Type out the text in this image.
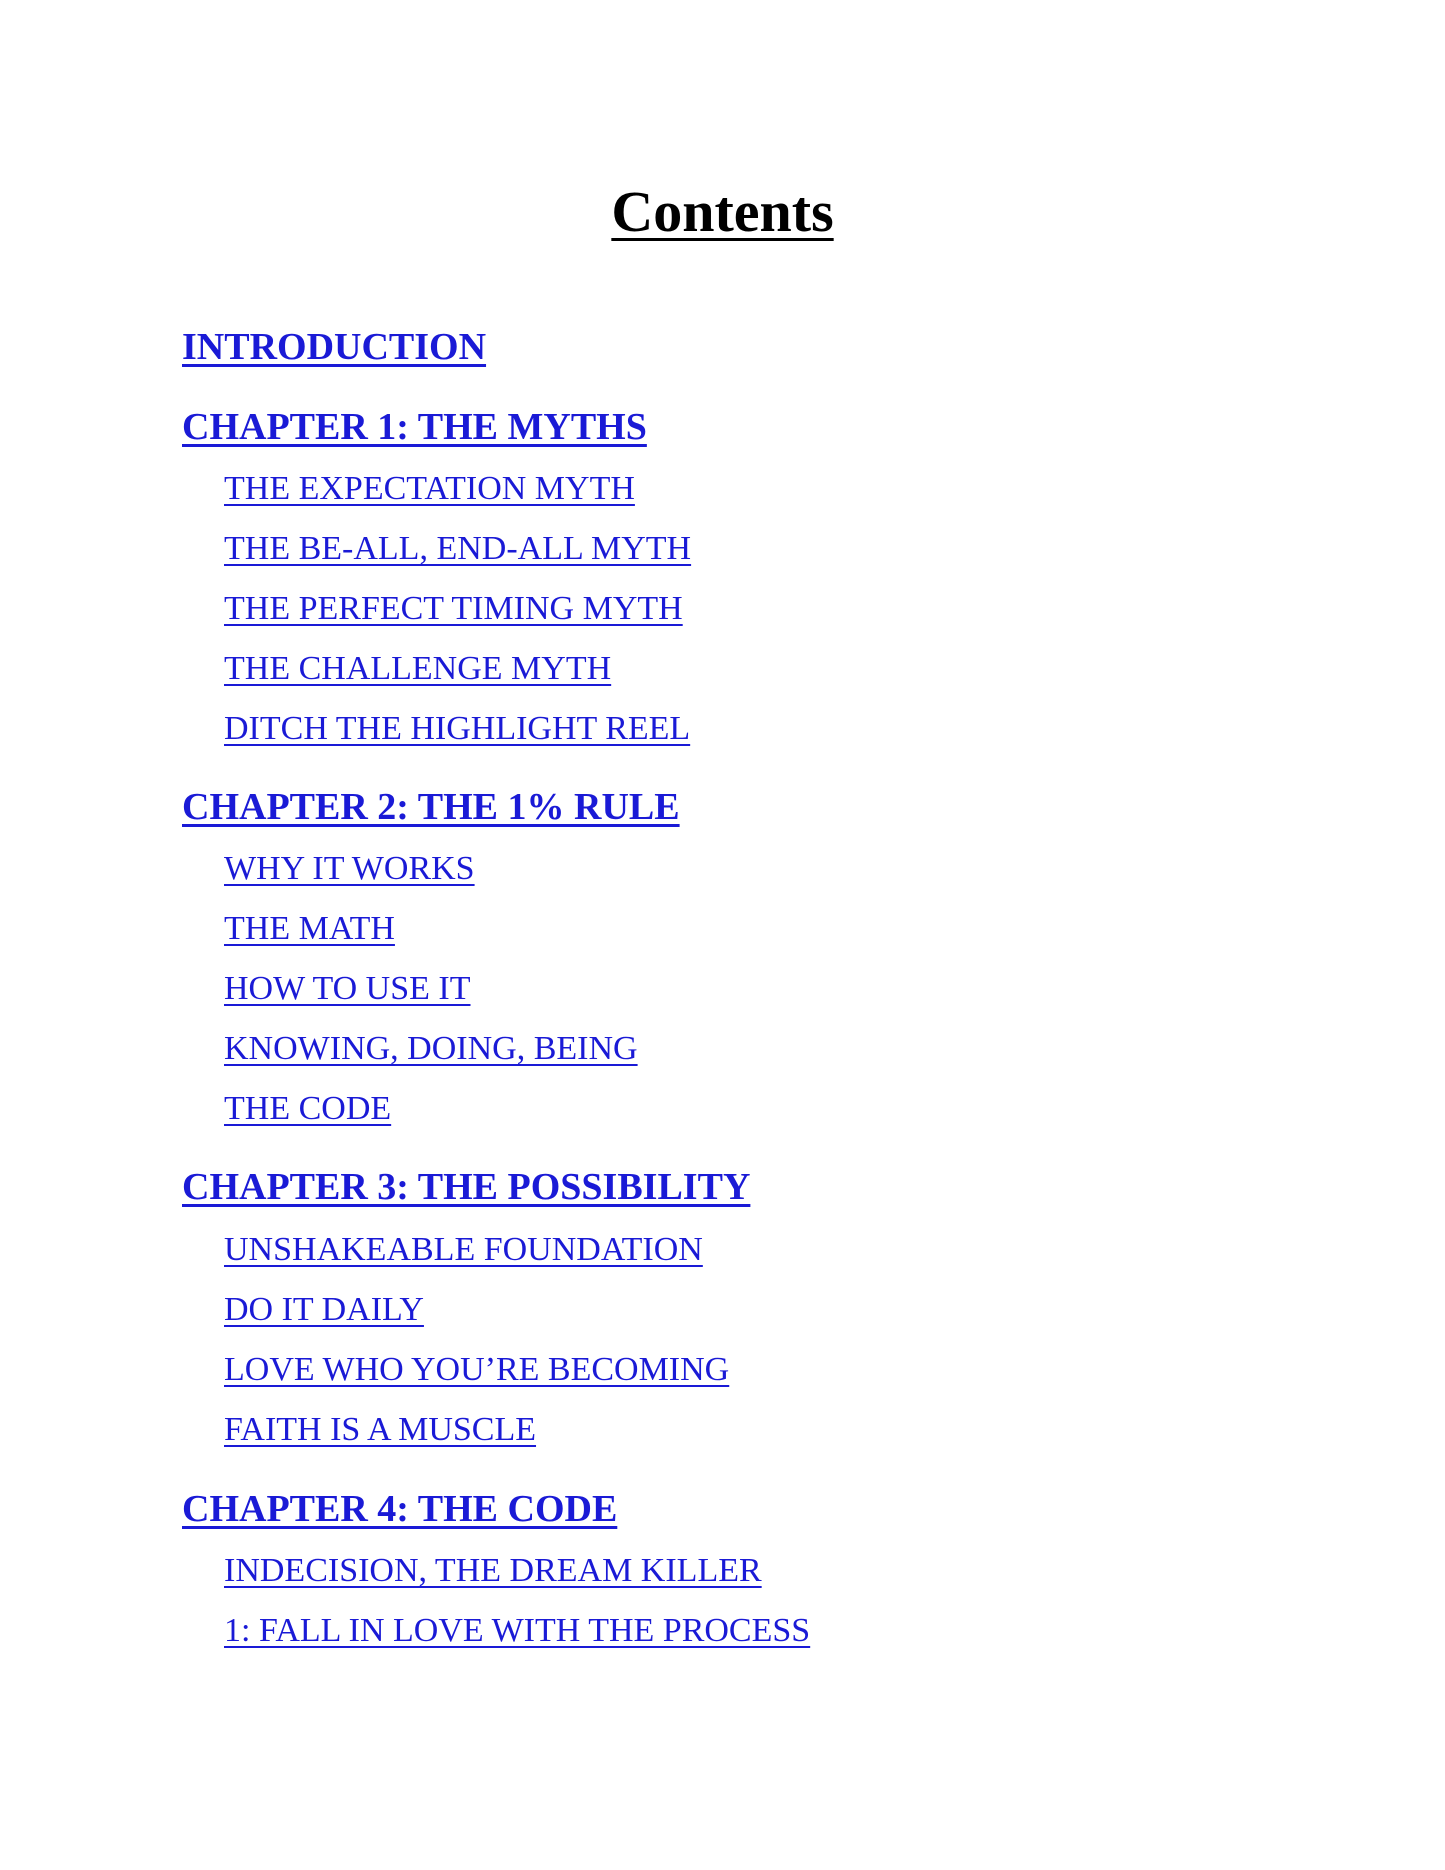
Contents
INTRODUCTION
CHAPTER 1: THE MYTHS
THE EXPECTATION MYTH
THE BE-ALL, END-ALL MYTH
THE PERFECT TIMING MYTH
THE CHALLENGE MYTH
DITCH THE HIGHLIGHT REEL
CHAPTER 2: THE 1% RULE
WHY IT WORKS
THE MATH
HOW TO USE IT
KNOWING, DOING, BEING
THE CODE
CHAPTER 3: THE POSSIBILITY
UNSHAKEABLE FOUNDATION
DO IT DAILY
LOVE WHO YOU’RE BECOMING
FAITH IS A MUSCLE
CHAPTER 4: THE CODE
INDECISION, THE DREAM KILLER
1: FALL IN LOVE WITH THE PROCESS
